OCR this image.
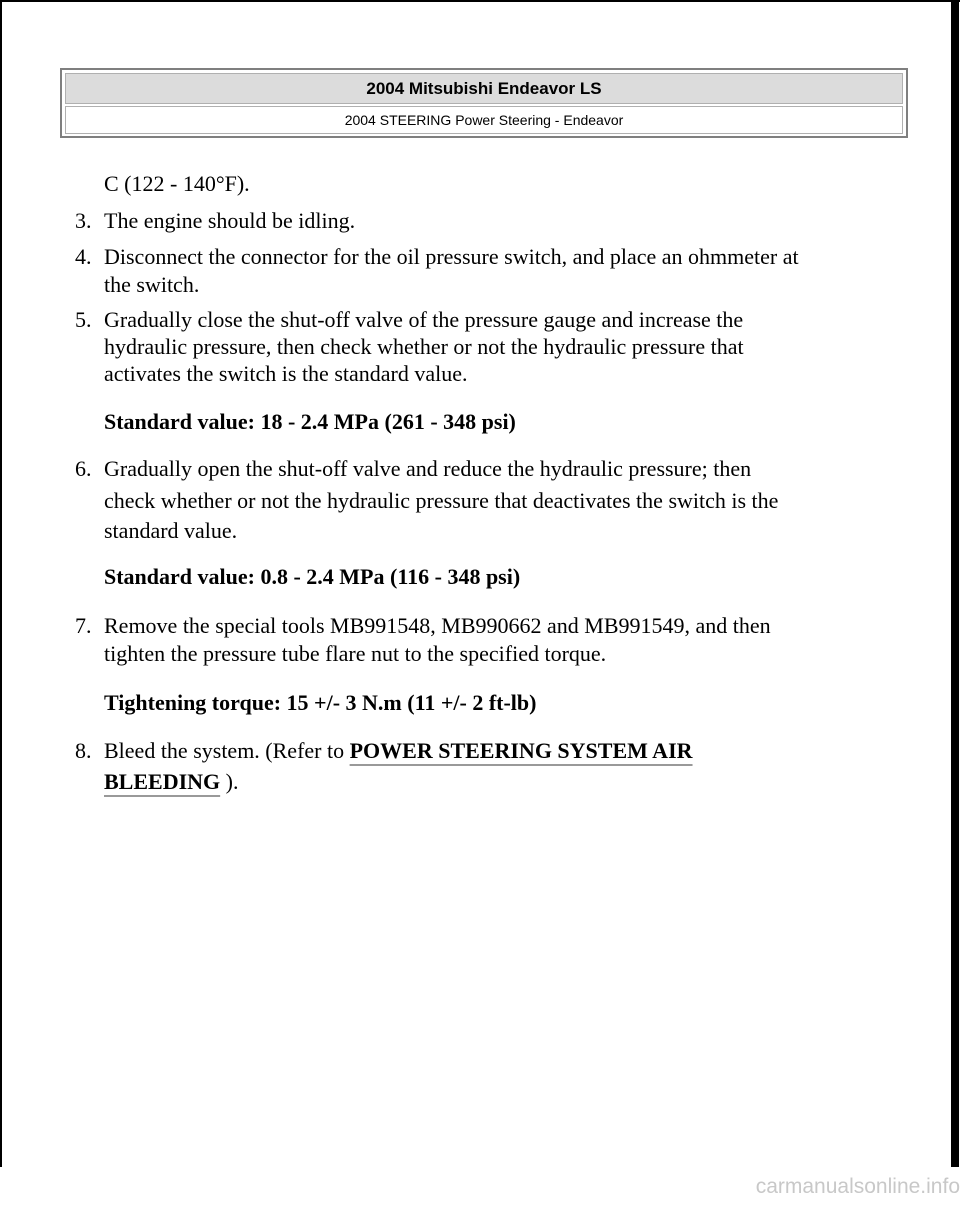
2004 Mitsubishi Endeavor LS
2004 STEERING Power Steering - Endeavor
C (122 - 140°F).
3. The engine should be idling.
4. Disconnect the connector for the oil pressure switch, and place an ohmmeter at
the switch.
5. Gradually close the shut-off valve of the pressure gauge and increase the
hydraulic pressure, then check whether or not the hydraulic pressure that
activates the switch is the standard value.
Standard value: 18 - 2.4 MPa (261 - 348 psi)
6. Gradually open the shut-off valve and reduce the hydraulic pressure; then
check whether or not the hydraulic pressure that deactivates the switch is the
standard value.
Standard value: 0.8 - 2.4 MPa (116 - 348 psi)
7. Remove the special tools MB991548, MB990662 and MB991549, and then
tighten the pressure tube flare nut to the specified torque.
Tightening torque: 15 +/- 3 N.m (11 +/- 2 ft-lb)
8. Bleed the system. (Refer to POWER STEERING SYSTEM AIR
BLEEDING ).
carmanualsonline.info
